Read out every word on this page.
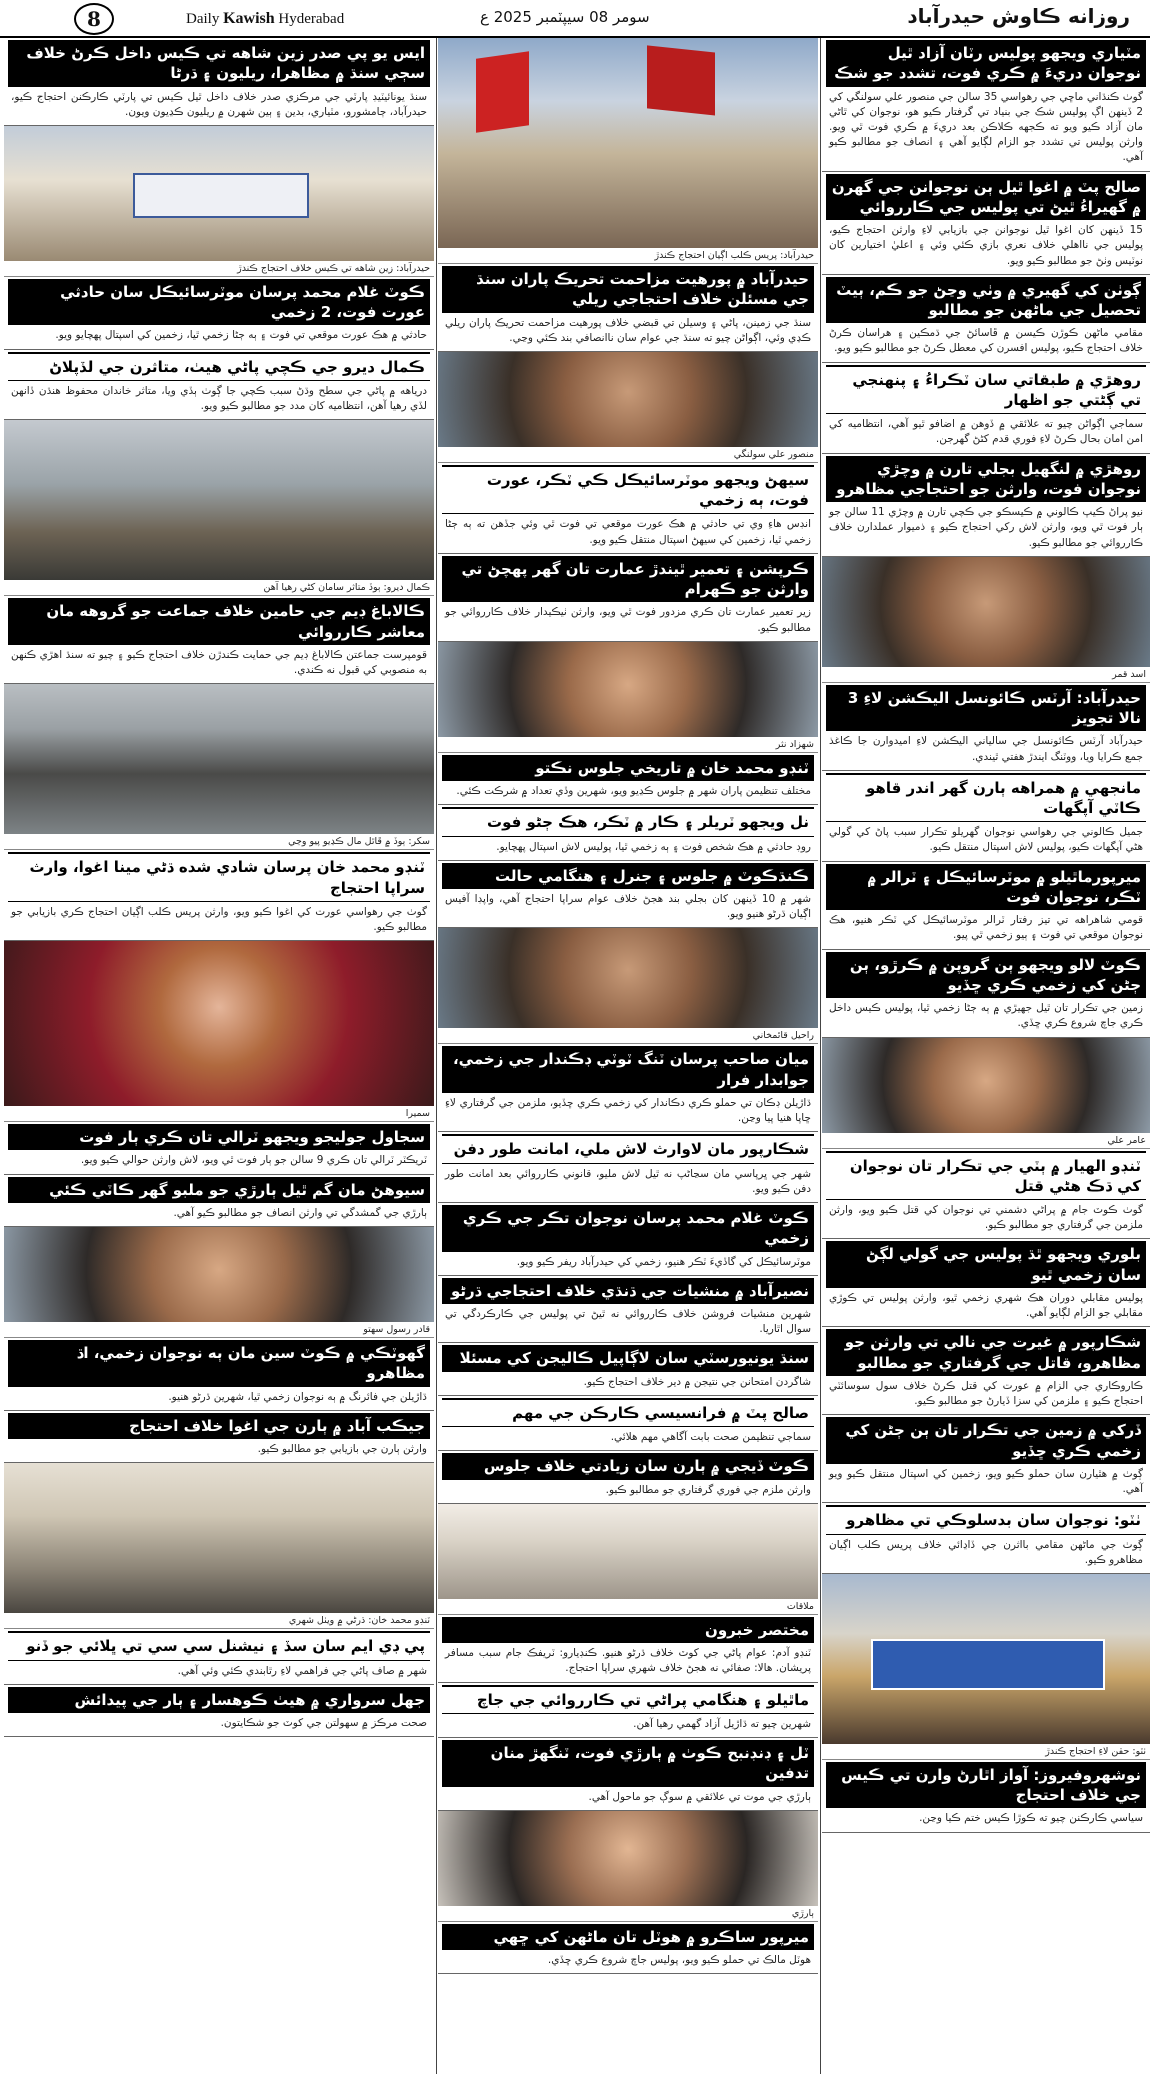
8	Daily Kawish Hyderabad	سومر 08 سيپٽمبر 2025 ع	روزانه ڪاوش حيدرآباد
مٽياري ويجهو پوليس رٽان آزاد ٿيل نوجوان دريءَ ۾ ڪري فوت، تشدد جو شڪ
گوٺ ڪنڌاني ماڇي جي رهواسي 35 سالن جي منصور علي سولنگي کي 2 ڏينهن اڳ پوليس شڪ جي بنياد تي گرفتار ڪيو هو، نوجوان کي ٿاڻي مان آزاد ڪيو ويو ته ڪجهه ڪلاڪن بعد دريءَ ۾ ڪري فوت ٿي ويو. وارثن پوليس تي تشدد جو الزام لڳايو آهي ۽ انصاف جو مطالبو ڪيو آهي.
صالح پٽ ۾ اغوا ٿيل ٻن نوجوانن جي گهرن ۾ گهيراءُ ٿيڻ تي پوليس جي ڪارروائي
15 ڏينهن کان اغوا ٿيل نوجوانن جي بازيابي لاءِ وارثن احتجاج ڪيو، پوليس جي نااهلي خلاف نعري بازي ڪئي وئي ۽ اعليٰ اختيارين کان نوٽيس وٺڻ جو مطالبو ڪيو ويو.
ڳوٺن کي گهيري ۾ وٺي وڃڻ جو ڪم، ٻيٽ تحصيل جي ماڻهن جو مطالبو
مقامي ماڻهن ڪوڙن ڪيسن ۾ ڦاسائڻ جي ڌمڪين ۽ هراسان ڪرڻ خلاف احتجاج ڪيو، پوليس افسرن کي معطل ڪرڻ جو مطالبو ڪيو ويو.
روهڙي ۾ طبقاتي سان ٽڪراءُ ۽ پنهنجي تي ڳڻتي جو اظهار
سماجي اڳواڻن چيو ته علائقي ۾ ڏوهن ۾ اضافو ٿيو آهي، انتظاميه کي امن امان بحال ڪرڻ لاءِ فوري قدم کڻڻ گهرجن.
روهڙي ۾ لنگهيل بجلي تارن ۾ وچڙي نوجوان فوت، وارثن جو احتجاجي مظاهرو
نيو پراڻ ڪيپ ڪالوني ۾ ڪيسڪو جي ڪچي تارن ۾ وچڙي 11 سالن جو ٻار فوت ٿي ويو، وارثن لاش رکي احتجاج ڪيو ۽ ذميوار عملدارن خلاف ڪارروائي جو مطالبو ڪيو.
اسد قمر
حيدرآباد: آرٽس ڪائونسل اليڪشن لاءِ 3 نالا تجويز
حيدرآباد آرٽس ڪائونسل جي سالياني اليڪشن لاءِ اميدوارن جا ڪاغذ جمع ڪرايا ويا، ووٽنگ ايندڙ هفتي ٿيندي.
مانجهي ۾ همراهه ٻارن گهر اندر قاهو ڪاٽي آپگهات
جميل ڪالوني جي رهواسي نوجوان گهريلو تڪرار سبب پاڻ کي گولي هڻي آپگهات ڪيو، پوليس لاش اسپتال منتقل ڪيو.
ميرپورماٿيلو ۾ موٽرسائيڪل ۽ ٽرالر ۾ ٽڪر، نوجوان فوت
قومي شاهراهه تي تيز رفتار ٽرالر موٽرسائيڪل کي ٽڪر هنيو، هڪ نوجوان موقعي تي فوت ۽ ٻيو زخمي ٿي پيو.
ڪوٽ لالو ويجهو ٻن گروپن ۾ ڪرڙو، ٻن ڄڻن کي زخمي ڪري ڇڏيو
زمين جي تڪرار تان ٿيل جهيڙي ۾ ٻه ڄڻا زخمي ٿيا، پوليس ڪيس داخل ڪري جاچ شروع ڪري ڇڏي.
عامر علي
ٽنڊو الهيار ۾ ٻٽي جي تڪرار تان نوجوان کي ڌڪ هڻي قتل
گوٺ ڪوٽ جام ۾ پراڻي دشمني تي نوجوان کي قتل ڪيو ويو، وارثن ملزمن جي گرفتاري جو مطالبو ڪيو.
بلوري ويجهو ٿڌ پوليس جي گولي لڳڻ سان زخمي ٿيو
پوليس مقابلي دوران هڪ شهري زخمي ٿيو، وارثن پوليس تي ڪوڙي مقابلي جو الزام لڳايو آهي.
شڪارپور ۾ غيرت جي نالي تي وارثن جو مظاهرو، قاتل جي گرفتاري جو مطالبو
ڪاروڪاري جي الزام ۾ عورت کي قتل ڪرڻ خلاف سول سوسائٽي احتجاج ڪيو ۽ ملزمن کي سزا ڏيارڻ جو مطالبو ڪيو.
ڏرکي ۾ زمين جي تڪرار تان ٻن ڄڻن کي زخمي ڪري ڇڏيو
ڳوٺ ۾ هٿيارن سان حملو ڪيو ويو، زخمين کي اسپتال منتقل ڪيو ويو آهي.
ٺٽو: نوجوان سان بدسلوڪي تي مظاهرو
ڳوٺ جي ماڻهن مقامي بااثرن جي ڏاڍائي خلاف پريس ڪلب اڳيان مظاهرو ڪيو.
ٺٽو: حقن لاءِ احتجاج ڪندڙ
نوشهروفيروز: آواز اٿارڻ وارن تي ڪيس جي خلاف احتجاج
سياسي ڪارڪنن چيو ته ڪوڙا ڪيس ختم ڪيا وڃن.
حيدرآباد: پريس ڪلب اڳيان احتجاج ڪندڙ
حيدرآباد ۾ پورهيت مزاحمت تحريڪ پاران سنڌ جي مسئلن خلاف احتجاجي ريلي
سنڌ جي زمينن، پاڻي ۽ وسيلن تي قبضي خلاف پورهيت مزاحمت تحريڪ پاران ريلي ڪڍي وئي، اڳواڻن چيو ته سنڌ جي عوام سان ناانصافي بند ڪئي وڃي.
منصور علي سولنگي
سيهڻ ويجهو موٽرسائيڪل ڪي ٽڪر، عورت فوت، ٻه زخمي
انڊس هاءِ وي تي حادثي ۾ هڪ عورت موقعي تي فوت ٿي وئي جڏهن ته ٻه ڄڻا زخمي ٿيا، زخمين کي سيهڻ اسپتال منتقل ڪيو ويو.
ڪرپشن ۽ تعمير ٿيندڙ عمارت تان گهر پهچڻ تي وارثن جو ڪهرام
زير تعمير عمارت تان ڪري مزدور فوت ٿي ويو، وارثن ٺيڪيدار خلاف ڪارروائي جو مطالبو ڪيو.
شهزاد نثر
ٽنڊو محمد خان ۾ تاريخي جلوس نڪتو
مختلف تنظيمن پاران شهر ۾ جلوس ڪڍيو ويو، شهرين وڏي تعداد ۾ شرڪت ڪئي.
نل ويجهو ٽريلر ۽ ڪار ۾ ٽڪر، هڪ ڄڻو فوت
روڊ حادثي ۾ هڪ شخص فوت ۽ ٻه زخمي ٿيا، پوليس لاش اسپتال پهچايو.
ڪنڌڪوٽ ۾ جلوس ۽ جنرل ۽ هنگامي حالت
شهر ۾ 10 ڏينهن کان بجلي بند هجڻ خلاف عوام سراپا احتجاج آهي، واپڊا آفيس اڳيان ڌرڻو هنيو ويو.
راحيل قائمخاني
ميان صاحب پرسان ٽنگ ٽوٽي ڊڪندار جي زخمي، جوابدار فرار
ڌاڙيلن ڊڪان تي حملو ڪري دڪاندار کي زخمي ڪري ڇڏيو، ملزمن جي گرفتاري لاءِ ڇاپا هنيا پيا وڃن.
شڪارپور مان لاوارث لاش ملي، امانت طور دفن
شهر جي ڀرپاسي مان سڃاڻپ نه ٿيل لاش مليو، قانوني ڪارروائي بعد امانت طور دفن ڪيو ويو.
ڪوٽ غلام محمد پرسان نوجوان تڪر جي ڪري زخمي
موٽرسائيڪل کي گاڏيءَ ٽڪر هنيو، زخمي کي حيدرآباد ريفر ڪيو ويو.
نصيرآباد ۾ منشيات جي ڌنڌي خلاف احتجاجي ڌرڻو
شهرين منشيات فروشن خلاف ڪارروائي نه ٿيڻ تي پوليس جي ڪارڪردگي تي سوال اٿاريا.
سنڌ يونيورسٽي سان لاڳاپيل ڪاليجن کي مسئلا
شاگردن امتحانن جي نتيجن ۾ دير خلاف احتجاج ڪيو.
صالح پٽ ۾ فرانسيسي ڪارڪن جي مهم
سماجي تنظيمن صحت بابت آگاهي مهم هلائي.
ڪوٽ ڏيجي ۾ ٻارن سان زيادتي خلاف جلوس
وارثن ملزم جي فوري گرفتاري جو مطالبو ڪيو.
ملاقات
مختصر خبرون
ٽنڊو آدم: عوام پاڻي جي کوٽ خلاف ڌرڻو هنيو. ڪنڊيارو: ٽريفڪ جام سبب مسافر پريشان. هالا: صفائي نه هجڻ خلاف شهري سراپا احتجاج.
ماٿيلو ۽ هنگامي پراڻي تي ڪارروائي جي جاچ
شهرين چيو ته ڌاڙيل آزاد گهمي رهيا آهن.
ٽل ۽ ڊنڊنبح ڪوٺ ۾ ٻارڙي فوت، ٽنگهڙ منان تدفين
ٻارڙي جي موت تي علائقي ۾ سوڳ جو ماحول آهي.
ٻارڙي
ميرپور ساڪرو ۾ هوٽل تان ماڻهن کي ڇهي
هوٽل مالڪ تي حملو ڪيو ويو، پوليس جاچ شروع ڪري ڇڏي.
ايس يو پي صدر زين شاهه تي ڪيس داخل ڪرڻ خلاف سڄي سنڌ ۾ مظاهرا، ريليون ۽ ڌرڻا
سنڌ يونائيٽيڊ پارٽي جي مرڪزي صدر خلاف داخل ٿيل ڪيس تي پارٽي ڪارڪنن احتجاج ڪيو، حيدرآباد، ڄامشورو، مٽياري، بدين ۽ ٻين شهرن ۾ ريليون ڪڍيون ويون.
حيدرآباد: زين شاهه تي ڪيس خلاف احتجاج ڪندڙ
ڪوٽ غلام محمد پرسان موٽرسائيڪل سان حادثي عورت فوت، 2 زخمي
حادثي ۾ هڪ عورت موقعي تي فوت ۽ ٻه ڄڻا زخمي ٿيا، زخمين کي اسپتال پهچايو ويو.
ڪمال ديرو جي ڪچي پاڻي هيٺ، متاثرن جي لڏپلاڻ
درياهه ۾ پاڻي جي سطح وڌڻ سبب ڪچي جا ڳوٺ ٻڏي ويا، متاثر خاندان محفوظ هنڌن ڏانهن لڏي رهيا آهن، انتظاميه کان مدد جو مطالبو ڪيو ويو.
ڪمال ديرو: ٻوڏ متاثر سامان کڻي رهيا آهن
ڪالاباغ ڊيم جي حامين خلاف جماعت جو گروهه مان معاشر ڪارروائي
قومپرست جماعتن ڪالاباغ ڊيم جي حمايت ڪندڙن خلاف احتجاج ڪيو ۽ چيو ته سنڌ اهڙي ڪنهن به منصوبي کي قبول نه ڪندي.
سکر: ٻوڏ ۾ ڦاٿل مال ڪڍيو پيو وڃي
ٽنڊو محمد خان پرسان شادي شده ڌڻي مينا اغوا، وارث سراپا احتجاج
گوٺ جي رهواسي عورت کي اغوا ڪيو ويو، وارثن پريس ڪلب اڳيان احتجاج ڪري بازيابي جو مطالبو ڪيو.
سميرا
سجاول جوليجو ويجهو ٽرالي تان ڪري ٻار فوت
ٽريڪٽر ٽرالي تان ڪري 9 سالن جو ٻار فوت ٿي ويو، لاش وارثن حوالي ڪيو ويو.
سيوهڻ مان گم ٿيل ٻارڙي جو ملبو گهر ڪاٽي ڪئي
ٻارڙي جي گمشدگي تي وارثن انصاف جو مطالبو ڪيو آهي.
قادر رسول سهتو
گهوٽڪي ۾ ڪوٽ سين مان ٻه نوجوان زخمي، اڌ مظاهرو
ڌاڙيلن جي فائرنگ ۾ ٻه نوجوان زخمي ٿيا، شهرين ڌرڻو هنيو.
جيڪب آباد ۾ ٻارن جي اغوا خلاف احتجاج
وارثن ٻارن جي بازيابي جو مطالبو ڪيو.
ٽنڊو محمد خان: ڌرڻي ۾ ويٺل شهري
پي ڊي ايم سان سڏ ۽ نيشنل سي سي تي ڀلائي جو ڏنو
شهر ۾ صاف پاڻي جي فراهمي لاءِ رٿابندي ڪئي وئي آهي.
جهل سرواري ۾ هيٺ ڪوهسار ۽ ٻار جي پيدائش
صحت مرڪز ۾ سهولتن جي کوٽ جو شڪايتون.
